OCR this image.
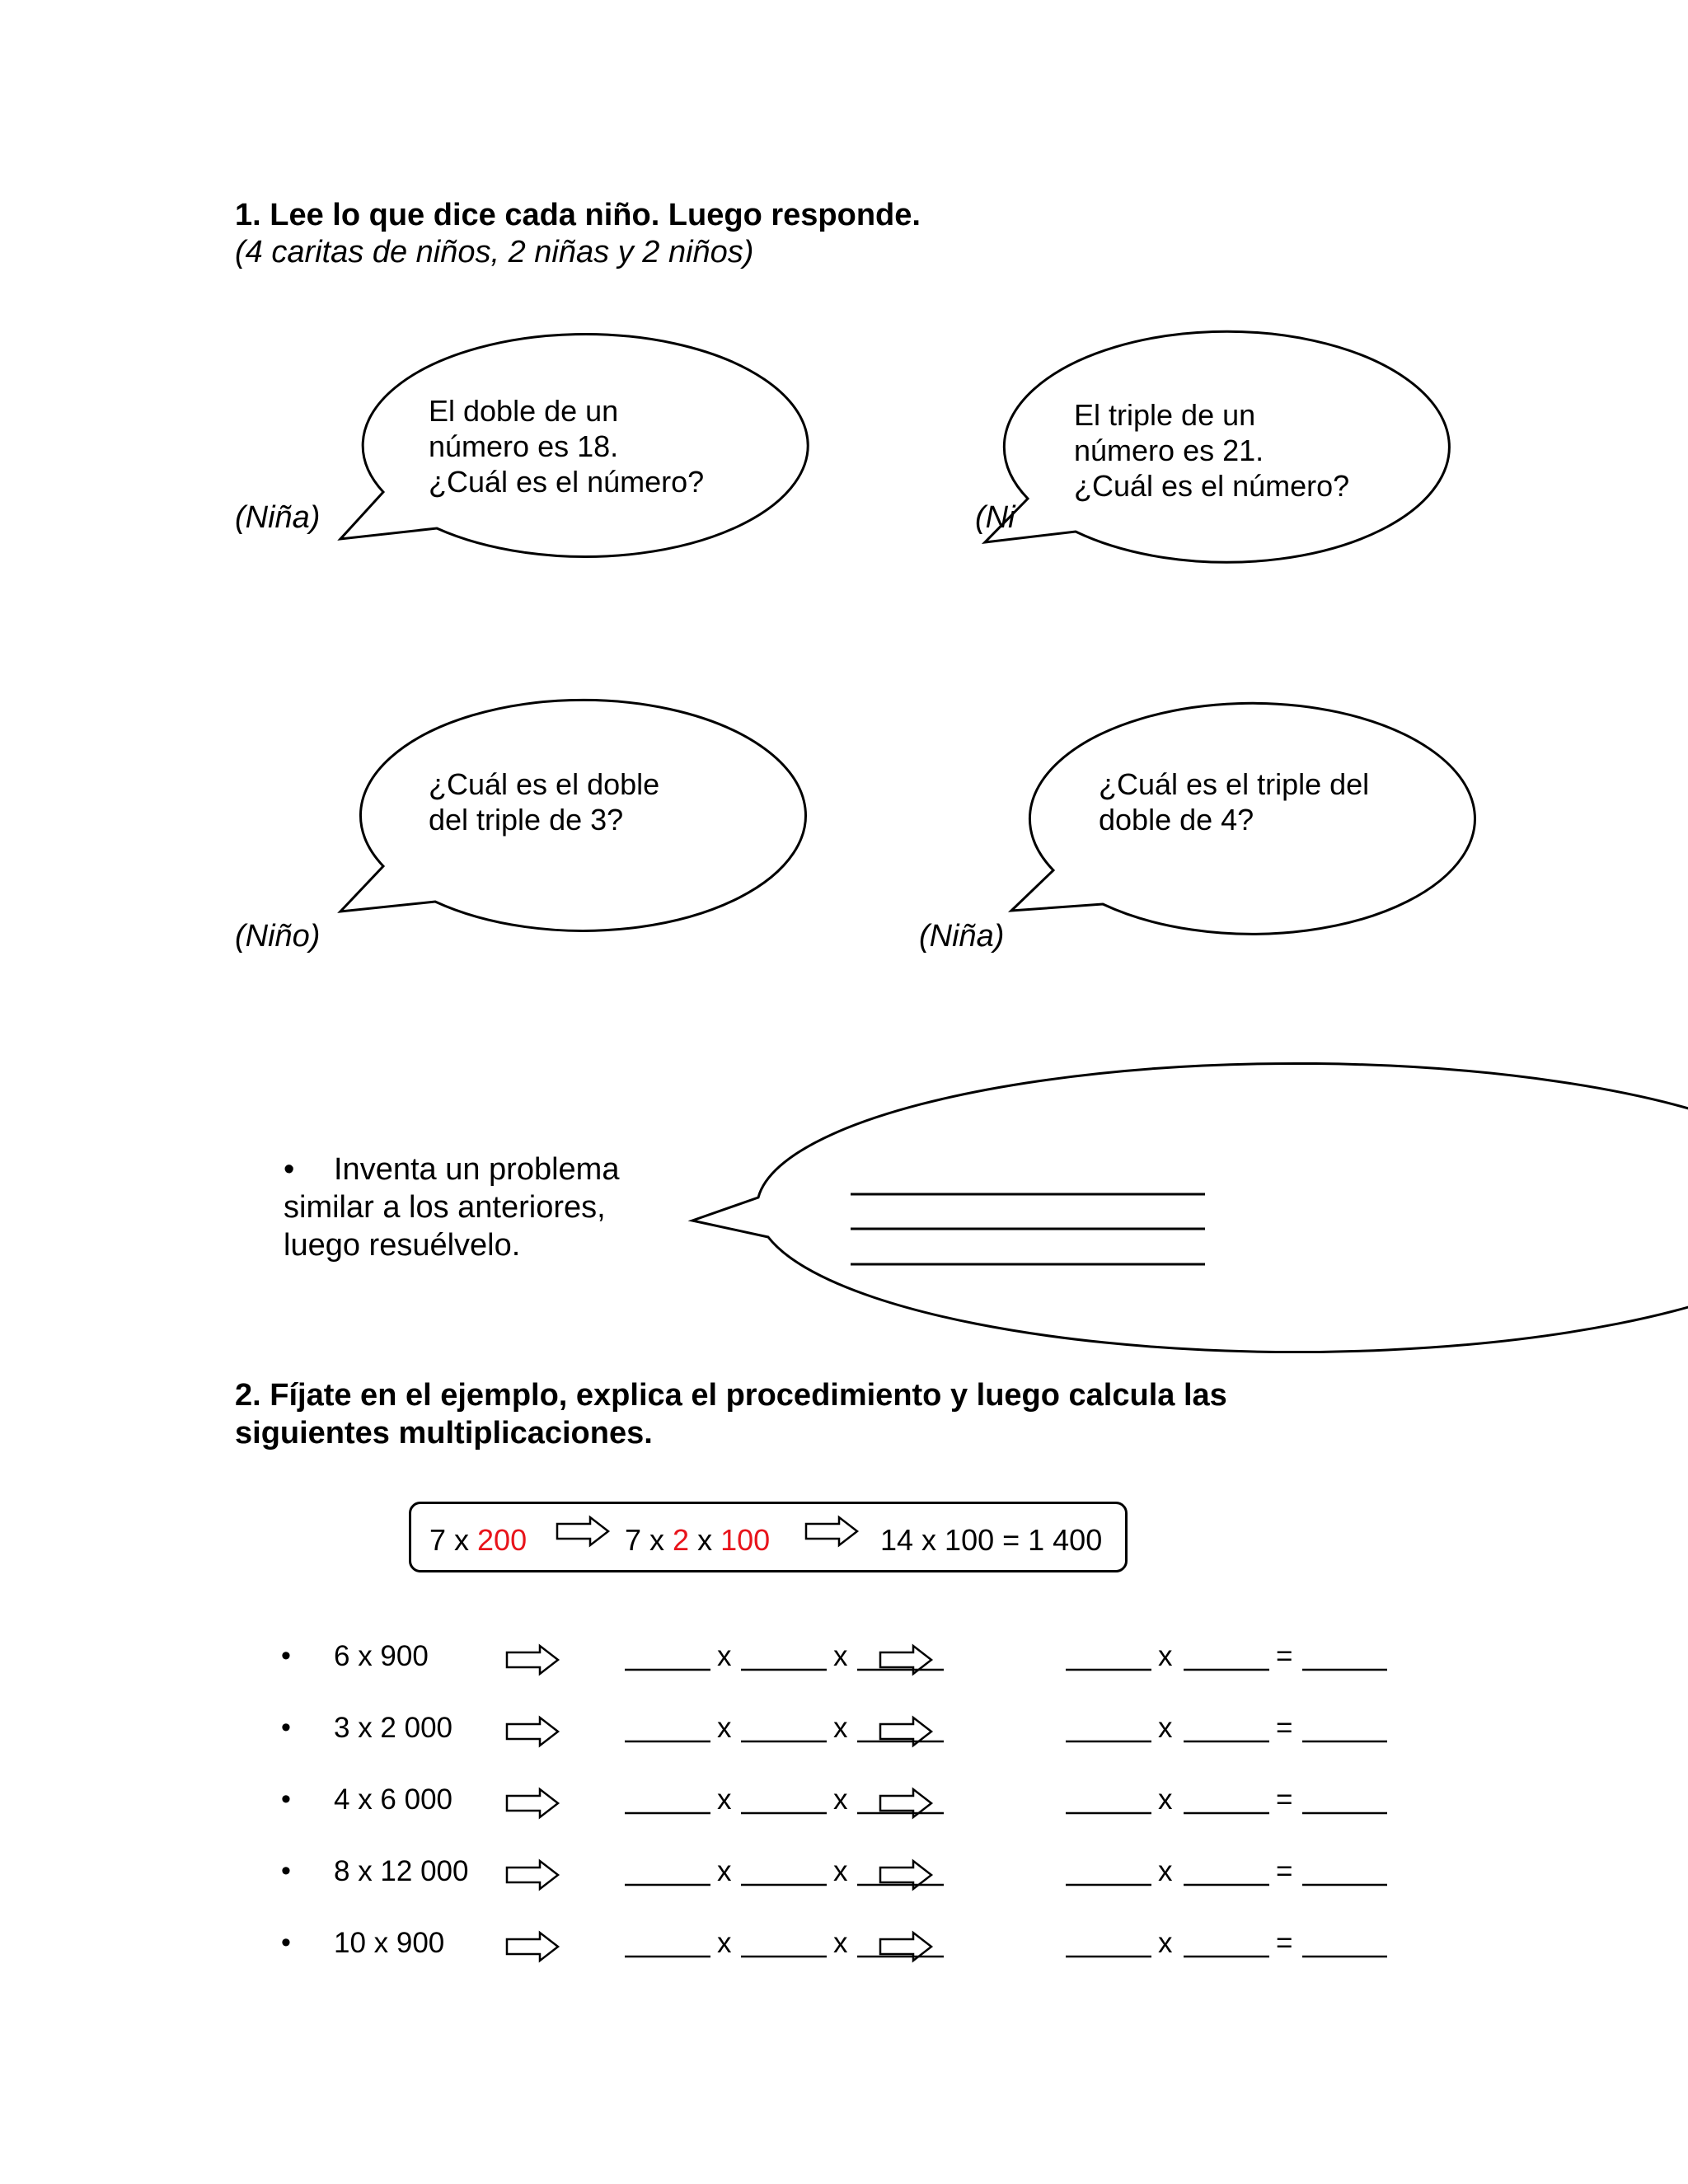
1. Lee lo que dice cada niño. Luego responde.
(4 caritas de niños, 2 niñas y 2 niños)
El doble de un
número es 18.
¿Cuál es el número?
El triple de un
número es 21.
¿Cuál es el número?
¿Cuál es el doble
del triple de 3?
¿Cuál es el triple del
doble de 4?
(Niña)	(Ni
(Niño)	(Niña)
• Inventa un problema
similar a los anteriores,
luego resuélvelo.
2. Fíjate en el ejemplo, explica el procedimiento y luego calcula las
siguientes multiplicaciones.
7 x 200	7 x 2 x 100	14 x 100 = 1 400
• 6 x 900	x	x	x	=
• 3 x 2 000	x	x	x	=
• 4 x 6 000	x	x	x	=
• 8 x 12 000	x	x	x	=
• 10 x 900	x	x	x	=
